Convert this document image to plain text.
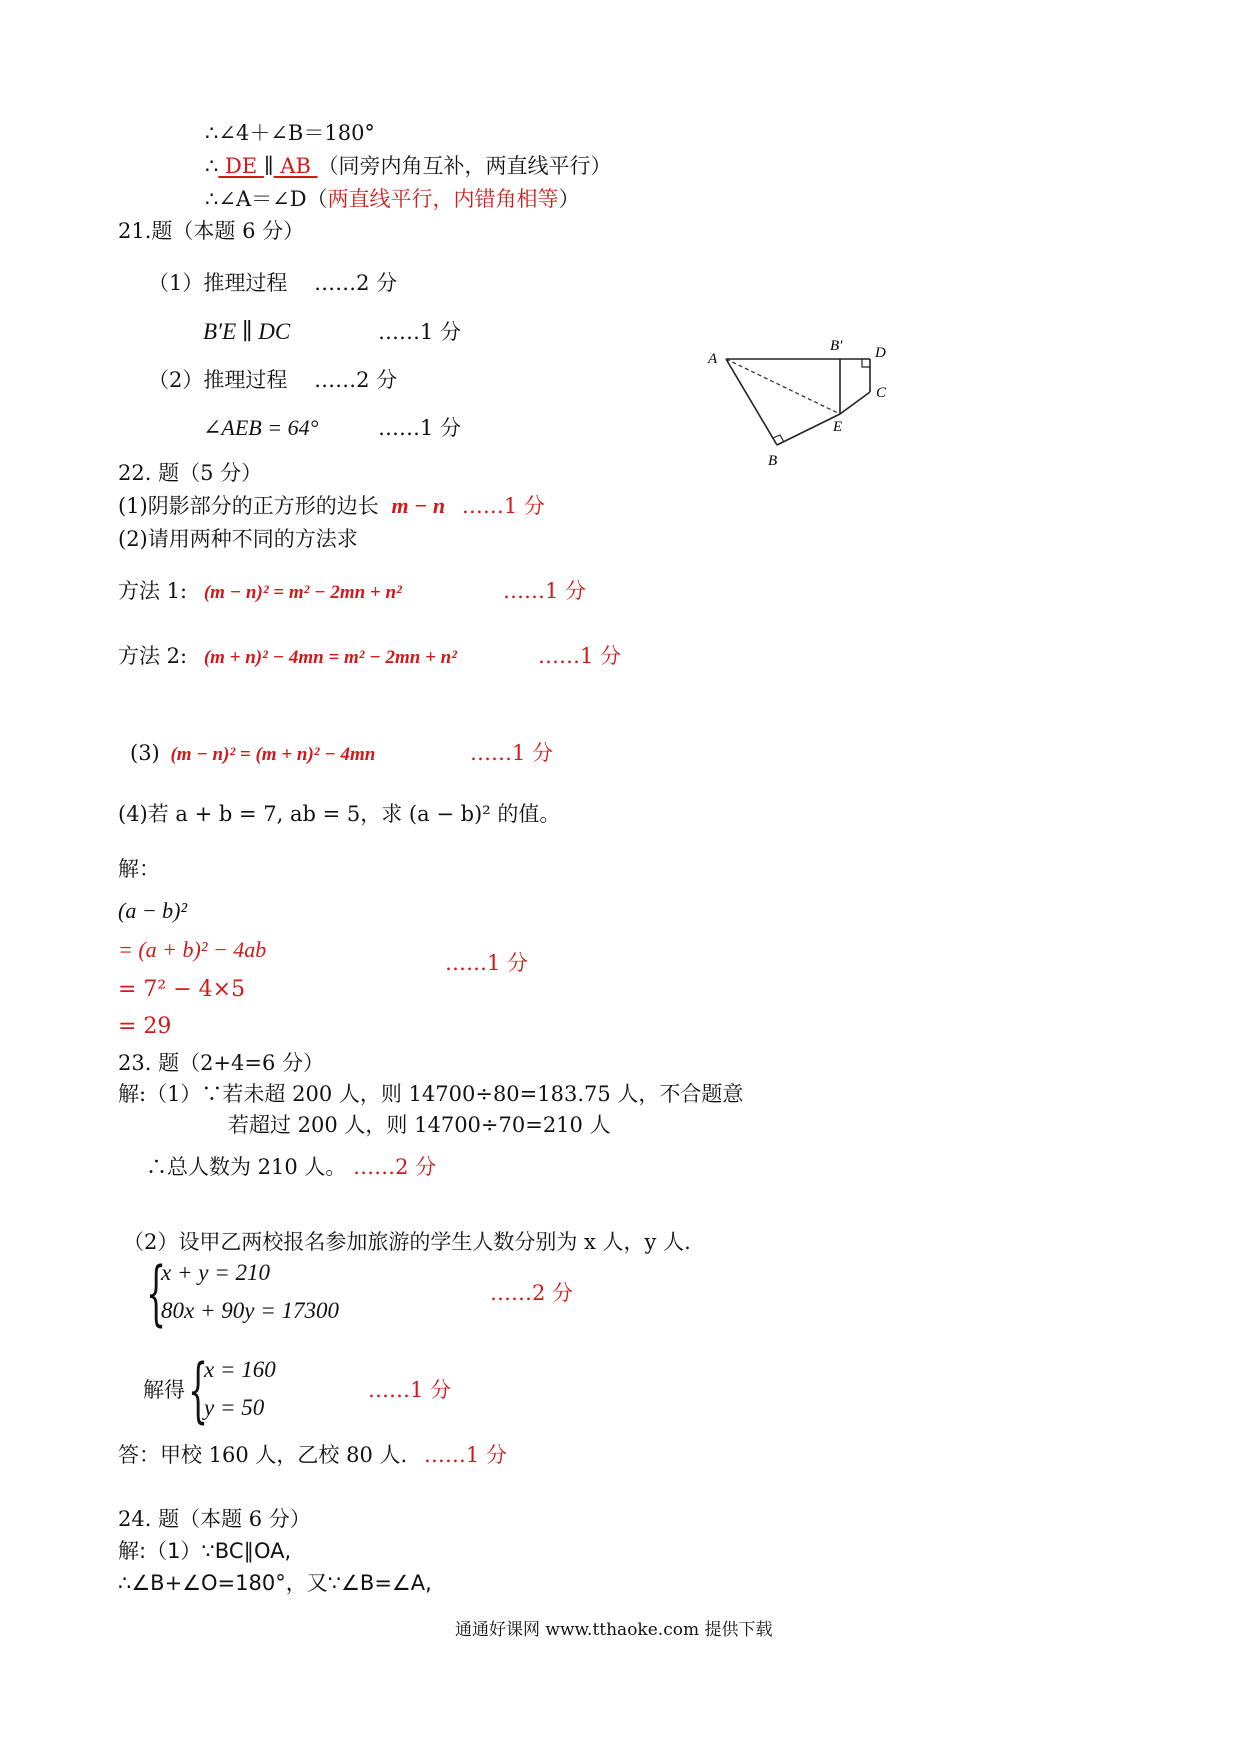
∴∠4＋∠B＝180°
∴ DE ∥ AB （同旁内角互补，两直线平行）
∴∠A＝∠D（两直线平行，内错角相等）
21.题（本题 6 分）
（1）推理过程 ……2 分
B′E ∥ DC	……1 分
（2）推理过程 ……2 分
∠AEB = 64°	……1 分
A
B′ D
C
E
B
22. 题（5 分）
(1)阴影部分的正方形的边长 m − n ……1 分
(2)请用两种不同的方法求
方法 1: (m − n)² = m² − 2mn + n²	……1 分
方法 2: (m + n)² − 4mn = m² − 2mn + n²	……1 分
(3) (m − n)² = (m + n)² − 4mn	……1 分
(4)若 a + b = 7, ab = 5，求 (a − b)² 的值。
解：
(a − b)²
= (a + b)² − 4ab
……1 分
= 7² − 4×5
= 29
23. 题（2+4=6 分）
解:（1）∵若未超 200 人，则 14700÷80=183.75 人，不合题意
若超过 200 人，则 14700÷70=210 人
∴总人数为 210 人。 ……2 分
（2）设甲乙两校报名参加旅游的学生人数分别为 x 人，y 人.
{
x + y = 210
80x + 90y = 17300
……2 分
解得 {
x = 160
y = 50
……1 分
答：甲校 160 人，乙校 80 人. ……1 分
24. 题（本题 6 分）
解:（1）∵BC∥OA,
∴∠B+∠O=180°，又∵∠B=∠A,
通通好课网 www.tthaoke.com 提供下载
